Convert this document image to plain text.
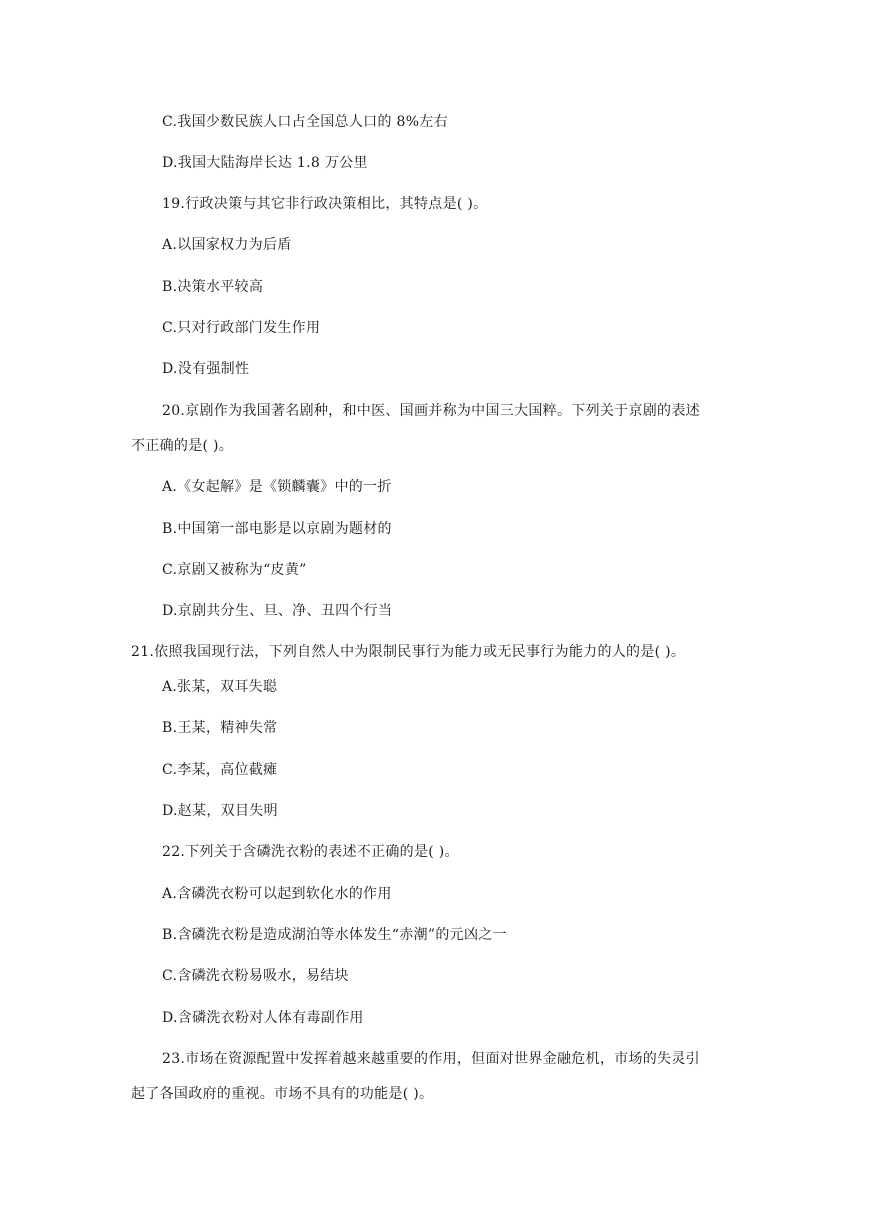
C.我国少数民族人口占全国总人口的 8%左右
D.我国大陆海岸长达 1.8 万公里
19.行政决策与其它非行政决策相比，其特点是( )。
A.以国家权力为后盾
B.决策水平较高
C.只对行政部门发生作用
D.没有强制性
20.京剧作为我国著名剧种，和中医、国画并称为中国三大国粹。下列关于京剧的表述
不正确的是( )。
A.《女起解》是《锁麟囊》中的一折
B.中国第一部电影是以京剧为题材的
C.京剧又被称为“皮黄”
D.京剧共分生、旦、净、丑四个行当
21.依照我国现行法，下列自然人中为限制民事行为能力或无民事行为能力的人的是( )。
A.张某，双耳失聪
B.王某，精神失常
C.李某，高位截瘫
D.赵某，双目失明
22.下列关于含磷洗衣粉的表述不正确的是( )。
A.含磷洗衣粉可以起到软化水的作用
B.含磷洗衣粉是造成湖泊等水体发生“赤潮”的元凶之一
C.含磷洗衣粉易吸水，易结块
D.含磷洗衣粉对人体有毒副作用
23.市场在资源配置中发挥着越来越重要的作用，但面对世界金融危机，市场的失灵引
起了各国政府的重视。市场不具有的功能是( )。
